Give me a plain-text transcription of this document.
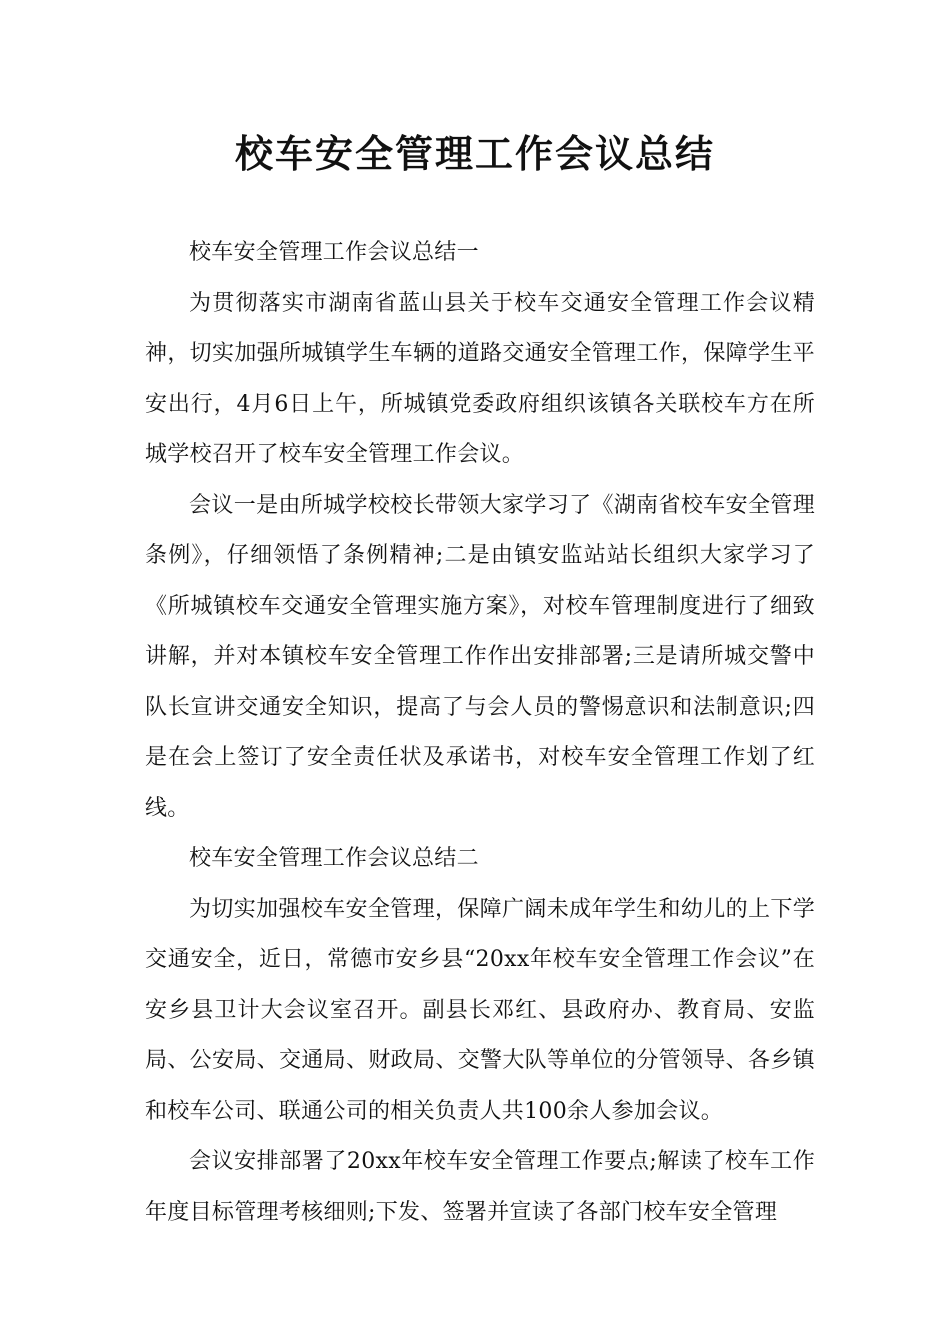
校车安全管理工作会议总结

校车安全管理工作会议总结一

为贯彻落实市湖南省蓝山县关于校车交通安全管理工作会议精神，切实加强所城镇学生车辆的道路交通安全管理工作，保障学生平安出行，4月6日上午，所城镇党委政府组织该镇各关联校车方在所城学校召开了校车安全管理工作会议。

会议一是由所城学校校长带领大家学习了《湖南省校车安全管理条例》，仔细领悟了条例精神;二是由镇安监站站长组织大家学习了《所城镇校车交通安全管理实施方案》，对校车管理制度进行了细致讲解，并对本镇校车安全管理工作作出安排部署;三是请所城交警中队长宣讲交通安全知识，提高了与会人员的警惕意识和法制意识;四是在会上签订了安全责任状及承诺书，对校车安全管理工作划了红线。

校车安全管理工作会议总结二

为切实加强校车安全管理，保障广阔未成年学生和幼儿的上下学交通安全，近日，常德市安乡县“20xx年校车安全管理工作会议”在安乡县卫计大会议室召开。副县长邓红、县政府办、教育局、安监局、公安局、交通局、财政局、交警大队等单位的分管领导、各乡镇和校车公司、联通公司的相关负责人共100余人参加会议。

会议安排部署了20xx年校车安全管理工作要点;解读了校车工作年度目标管理考核细则;下发、签署并宣读了各部门校车安全管理
